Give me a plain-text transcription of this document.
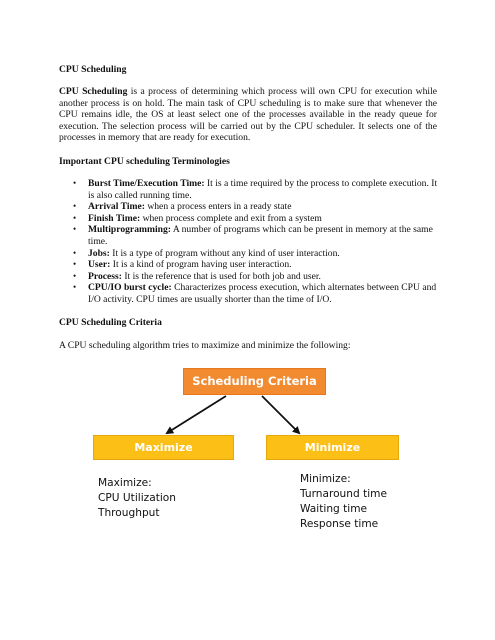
CPU Scheduling
CPU Scheduling is a process of determining which process will own CPU for execution while another process is on hold. The main task of CPU scheduling is to make sure that whenever the CPU remains idle, the OS at least select one of the processes available in the ready queue for execution. The selection process will be carried out by the CPU scheduler. It selects one of the processes in memory that are ready for execution.
Important CPU scheduling Terminologies
• Burst Time/Execution Time: It is a time required by the process to complete execution. It is also called running time.
• Arrival Time: when a process enters in a ready state
• Finish Time: when process complete and exit from a system
• Multiprogramming: A number of programs which can be present in memory at the same time.
• Jobs: It is a type of program without any kind of user interaction.
• User: It is a kind of program having user interaction.
• Process: It is the reference that is used for both job and user.
• CPU/IO burst cycle: Characterizes process execution, which alternates between CPU and I/O activity. CPU times are usually shorter than the time of I/O.
CPU Scheduling Criteria
A CPU scheduling algorithm tries to maximize and minimize the following:
Scheduling Criteria
Maximize	Minimize
Maximize:
CPU Utilization
Throughput
Minimize:
Turnaround time
Waiting time
Response time
